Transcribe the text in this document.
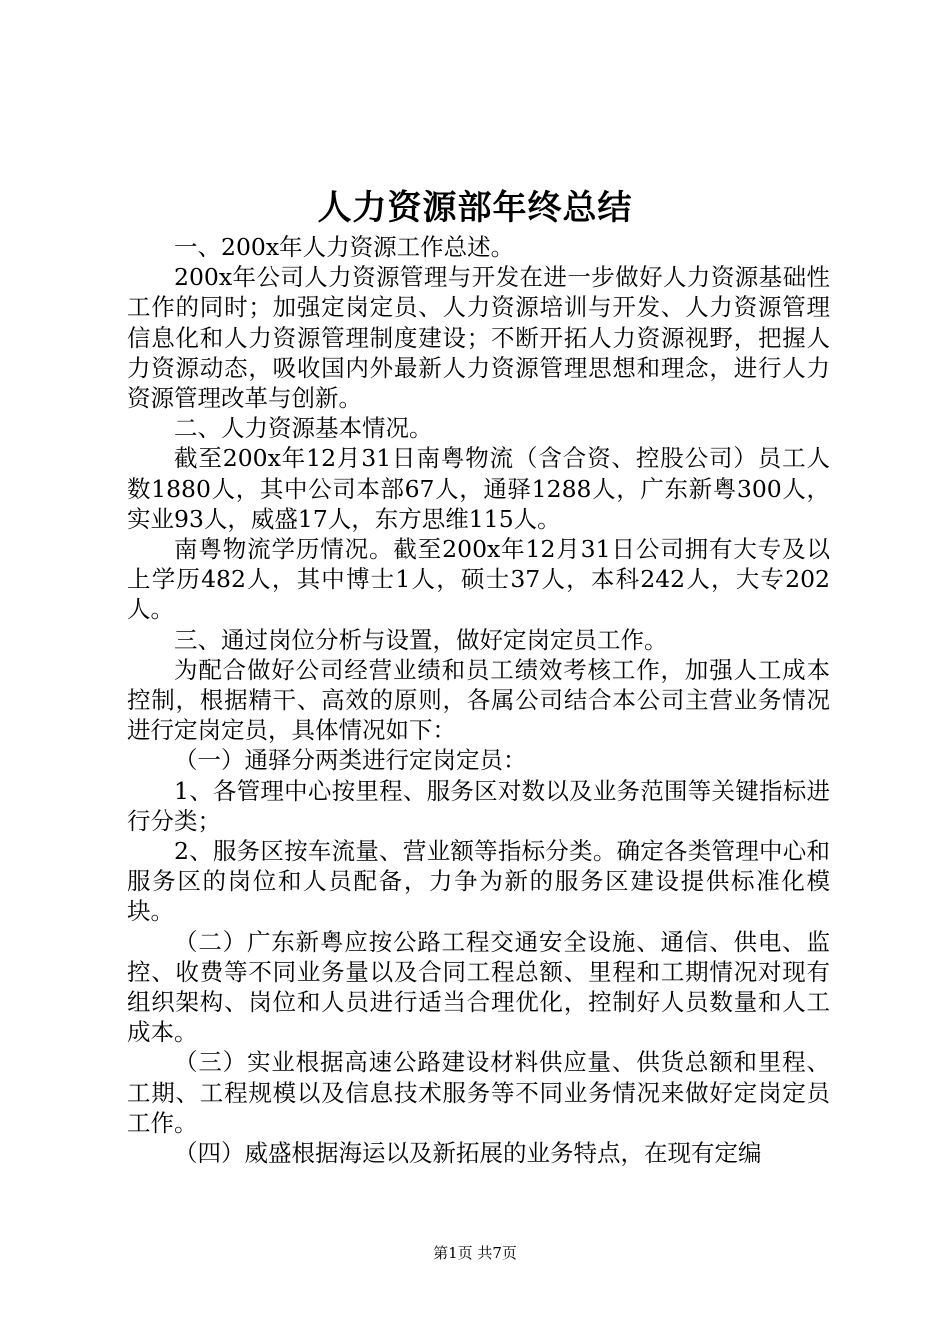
人力资源部年终总结

一、200x年人力资源工作总述。

200x年公司人力资源管理与开发在进一步做好人力资源基础性工作的同时；加强定岗定员、人力资源培训与开发、人力资源管理信息化和人力资源管理制度建设；不断开拓人力资源视野，把握人力资源动态，吸收国内外最新人力资源管理思想和理念，进行人力资源管理改革与创新。

二、人力资源基本情况。

截至200x年12月31日南粤物流（含合资、控股公司）员工人数1880人，其中公司本部67人，通驿1288人，广东新粤300人，实业93人，威盛17人，东方思维115人。

南粤物流学历情况。截至200x年12月31日公司拥有大专及以上学历482人，其中博士1人，硕士37人，本科242人，大专202人。

三、通过岗位分析与设置，做好定岗定员工作。

为配合做好公司经营业绩和员工绩效考核工作，加强人工成本控制，根据精干、高效的原则，各属公司结合本公司主营业务情况进行定岗定员，具体情况如下：

（一）通驿分两类进行定岗定员：

1、各管理中心按里程、服务区对数以及业务范围等关键指标进行分类；

2、服务区按车流量、营业额等指标分类。确定各类管理中心和服务区的岗位和人员配备，力争为新的服务区建设提供标准化模块。

（二）广东新粤应按公路工程交通安全设施、通信、供电、监控、收费等不同业务量以及合同工程总额、里程和工期情况对现有组织架构、岗位和人员进行适当合理优化，控制好人员数量和人工成本。

（三）实业根据高速公路建设材料供应量、供货总额和里程、工期、工程规模以及信息技术服务等不同业务情况来做好定岗定员工作。

（四）威盛根据海运以及新拓展的业务特点，在现有定编

第1页 共7页
